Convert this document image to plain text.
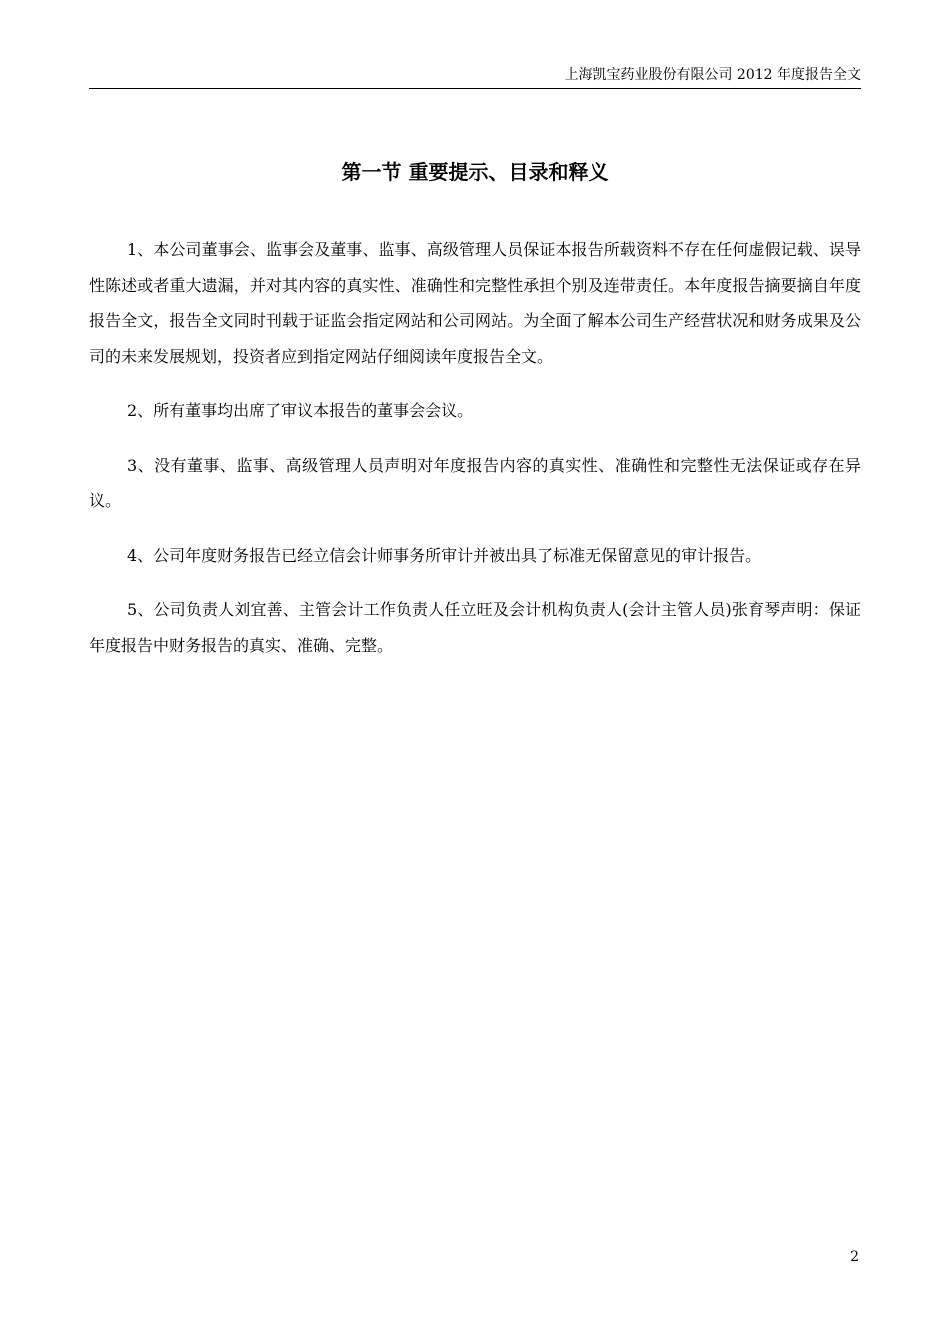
上海凯宝药业股份有限公司 2012 年度报告全文
第一节 重要提示、目录和释义

1、本公司董事会、监事会及董事、监事、高级管理人员保证本报告所载资料不存在任何虚假记载、误导性陈述或者重大遗漏，并对其内容的真实性、准确性和完整性承担个别及连带责任。本年度报告摘要摘自年度报告全文，报告全文同时刊载于证监会指定网站和公司网站。为全面了解本公司生产经营状况和财务成果及公司的未来发展规划，投资者应到指定网站仔细阅读年度报告全文。

2、所有董事均出席了审议本报告的董事会会议。

3、没有董事、监事、高级管理人员声明对年度报告内容的真实性、准确性和完整性无法保证或存在异议。

4、公司年度财务报告已经立信会计师事务所审计并被出具了标准无保留意见的审计报告。

5、公司负责人刘宜善、主管会计工作负责人任立旺及会计机构负责人(会计主管人员)张育琴声明：保证年度报告中财务报告的真实、准确、完整。

2
